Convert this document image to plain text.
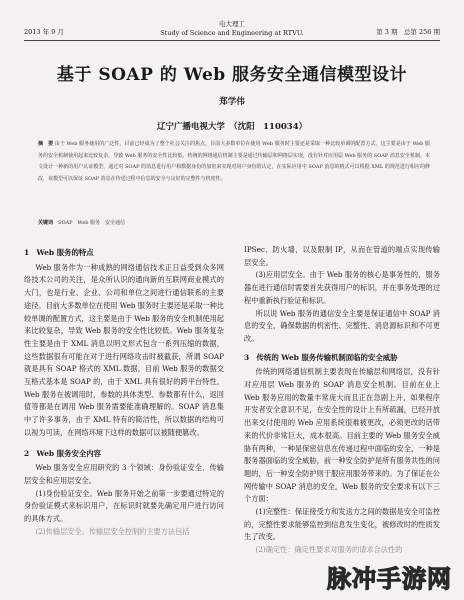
2013 年 9 月
电大理工
Study of Science and Engineering at RTVU.	第 3 期　总第 256 期
基于 SOAP 的 Web 服务安全通信模型设计
郑学伟
辽宁广播电视大学　（沈阳　110034）
摘　要 由于 Web 服务使用的广泛性，目前已经成为了整个社会关注的焦点，目前大多数单位在使用 Web 服务时主要还是采取一种比较单调的配置方式，这主要是由于 Web 服务的安全机制使用起来比较复杂，导致 Web 服务的安全性比较低，传统的网络通信机制主要是通过传输层和网络层实现，没有针对应用层 Web 服务的 SOAP 消息安全机制，本文设计一种新的用户认证模型，通过对 SOAP 的消息进行用户和数据身份的加密来实现对用户身份的认定，在实际应用中 SOAP 消息的格式可以根据 XML 的规范进行相应的修改，该模型可以保证 SOAP 消息在传送过程中信息的安全与良好的完整性与机密性。
关键词　 SOAP　Web 服务　安全通信
1　Web 服务的特点

Web 服务作为一种成熟的网络通信技术正日益受到众多网络技术公司的关注，是众所认识的通向新的互联网商业模式的大门，也是行业、企业、公司和单位之间进行通信联系的主要途径。目前大多数单位在使用 Web 服务时主要还是采取一种比较单调的配置方式，这主要是由于 Web 服务的安全机制使用起来比较复杂，导致 Web 服务的安全性比较低。Web 服务复杂性主要是由于 XML 消息以明文形式包含一系列压缩的数据，这些数据很有可能在对于进行网络攻击时被截获，所谓 SOAP 就是具有 SOAP 格式的 XML 数据，目前 Web 服务的数据交互格式基本是 SOAP 的，由于 XML 具有很好的跨平台特性，Web 服务在被调用时，参数的具体类型、参数都有什么，返回值等都是在调用 Web 服务需要能准确理解的。SOAP 消息集中了许多事务，由于 XML 特有的简洁性，所以数据的结构可以视为可读，在网络环境下这样的数据可以被随便篡改。

2　Web 服务安全内容

Web 服务安全应用研究的 3 个领域：身份验证安全、传输层安全和应用层安全。

(1)身份验证安全。Web 服务开始之前第一步要通过特定的身份验证模式来标识用户，在标识时就要先确定用户进行访问的具体方式。

(2)传输层安全。传输层安全控制的主要方法包括

IPSec、防火墙，以及限制 IP，从而在管道的端点实现传输层安全。

(3)应用层安全。由于 Web 服务的核心是事务性的，服务器在进行通信时需要首先获得用户的标识，并在事务处理的过程中重新执行验证和标识。

所以说 Web 服务的通信安全主要是保证通信中 SOAP 消息的安全，确保数据的机密性、完整性、消息源标识和不可更改。

3　传统的 Web 服务传输机制面临的安全威胁

传统的网络通信机制主要表现在传输层和网络层，没有针对应用层 Web 服务的 SOAP 消息安全机制。目前在业上 Web 服务应用的数量丰常庞大而且正在急剧上升，如果程序开发者安全意识不足，在安全性的设计上有所疏漏，已经开放出来交付使用的 Web 应用系统很难被更改，必须更改的话带来的代价非常巨大，成本很高。目前主要的 Web 服务安全威胁有两种，一种是保密信息在传递过程中面临的安全，一种是服务器面临的安全威胁，前一种安全防护是所有服务共性的问题的，后一种安全防护则于服应用服务带来的。为了保证在公网传输中 SOAP 消息的安全，Web 服务的安全要求有以下三个方面：

(1)完整性：保证接受方和发送方之间的数据是安全可监控的，完整性要求能够监控到信息发生变化，被修改时的性质发生了改变。

(2)确定性：确定性要求对服务的请求合法性的

脉冲手游网
